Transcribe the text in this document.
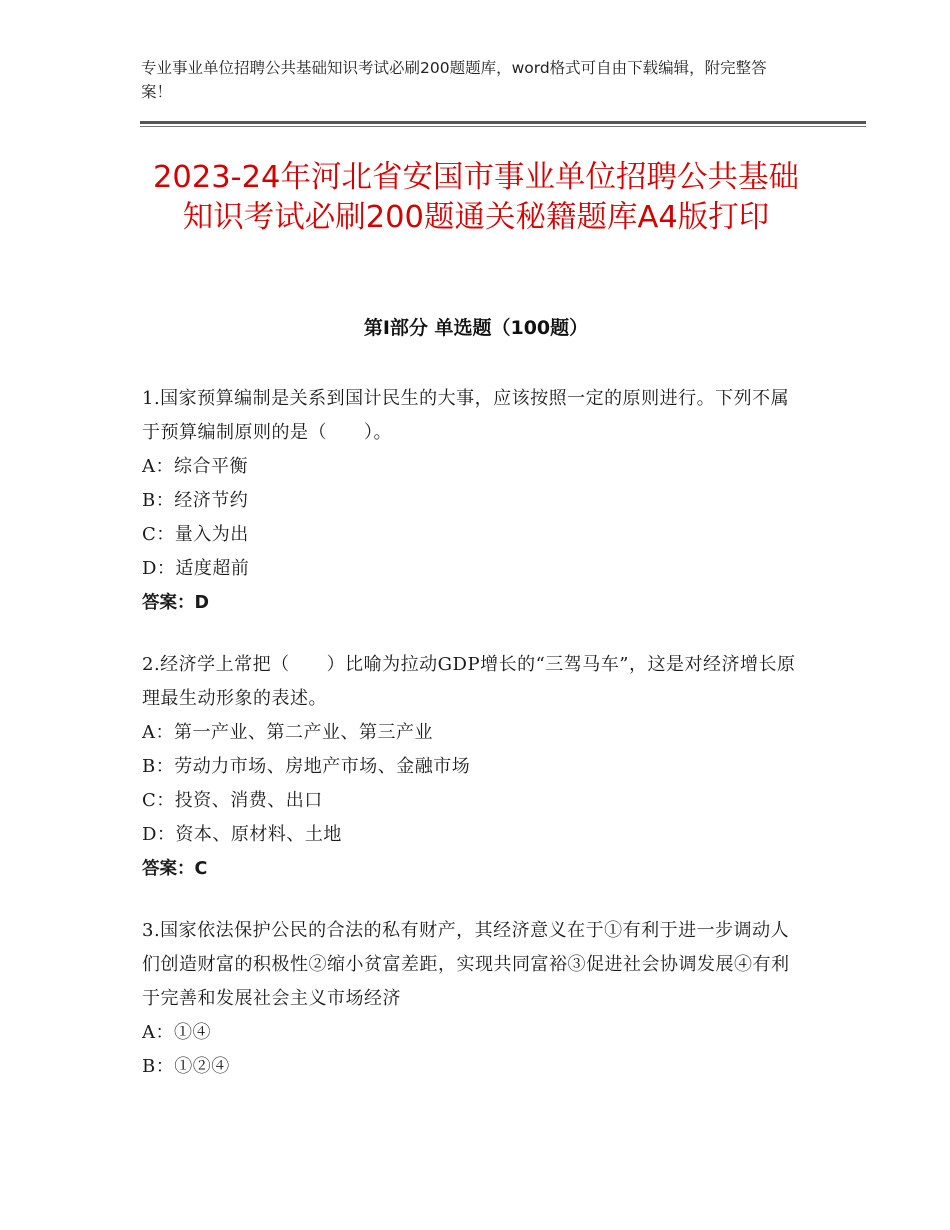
专业事业单位招聘公共基础知识考试必刷200题题库，word格式可自由下载编辑，附完整答案！
2023-24年河北省安国市事业单位招聘公共基础知识考试必刷200题通关秘籍题库A4版打印
第Ⅰ部分 单选题（100题）
1.国家预算编制是关系到国计民生的大事，应该按照一定的原则进行。下列不属于预算编制原则的是（　　）。
A：综合平衡
B：经济节约
C：量入为出
D：适度超前
答案：D
2.经济学上常把（　　）比喻为拉动GDP增长的“三驾马车”，这是对经济增长原理最生动形象的表述。
A：第一产业、第二产业、第三产业
B：劳动力市场、房地产市场、金融市场
C：投资、消费、出口
D：资本、原材料、土地
答案：C
3.国家依法保护公民的合法的私有财产，其经济意义在于①有利于进一步调动人们创造财富的积极性②缩小贫富差距，实现共同富裕③促进社会协调发展④有利于完善和发展社会主义市场经济
A：①④
B：①②④
